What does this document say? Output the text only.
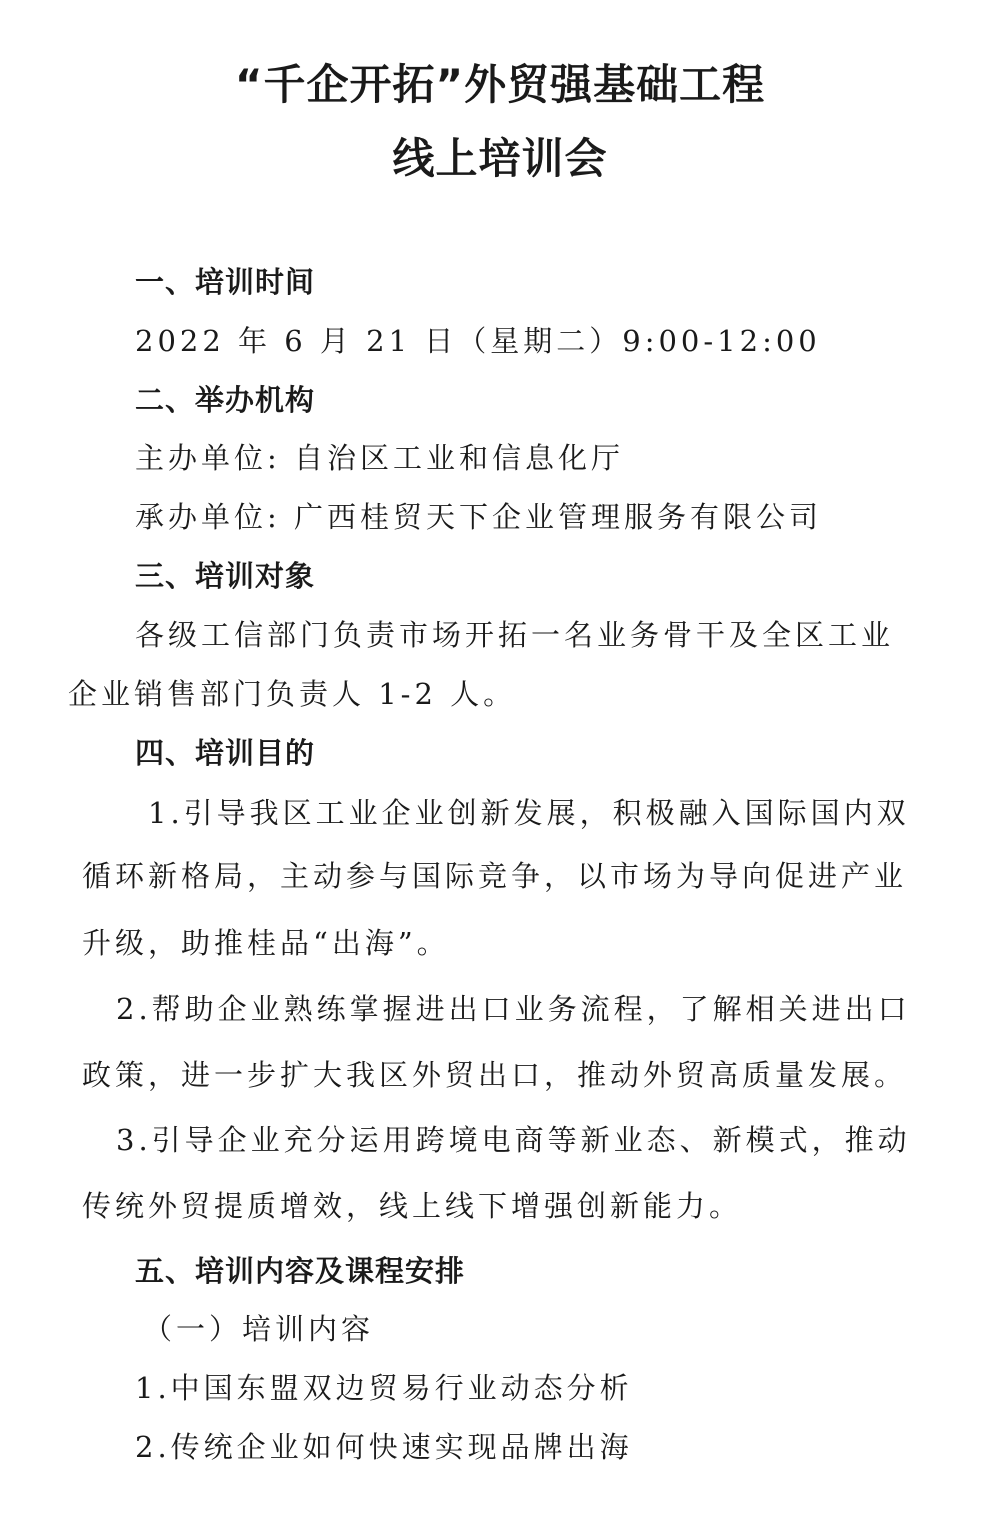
“千企开拓”外贸强基础工程
线上培训会
一、培训时间
2022 年 6 月 21 日（星期二）9:00-12:00
二、举办机构
主办单位: 自治区工业和信息化厅
承办单位: 广西桂贸天下企业管理服务有限公司
三、培训对象
各级工信部门负责市场开拓一名业务骨干及全区工业
企业销售部门负责人 1-2 人。
四、培训目的
1.引导我区工业企业创新发展，积极融入国际国内双
循环新格局，主动参与国际竞争，以市场为导向促进产业
升级，助推桂品“出海”。
2.帮助企业熟练掌握进出口业务流程，了解相关进出口
政策，进一步扩大我区外贸出口，推动外贸高质量发展。
3.引导企业充分运用跨境电商等新业态、新模式，推动
传统外贸提质增效，线上线下增强创新能力。
五、培训内容及课程安排
（一）培训内容
1.中国东盟双边贸易行业动态分析
2.传统企业如何快速实现品牌出海
